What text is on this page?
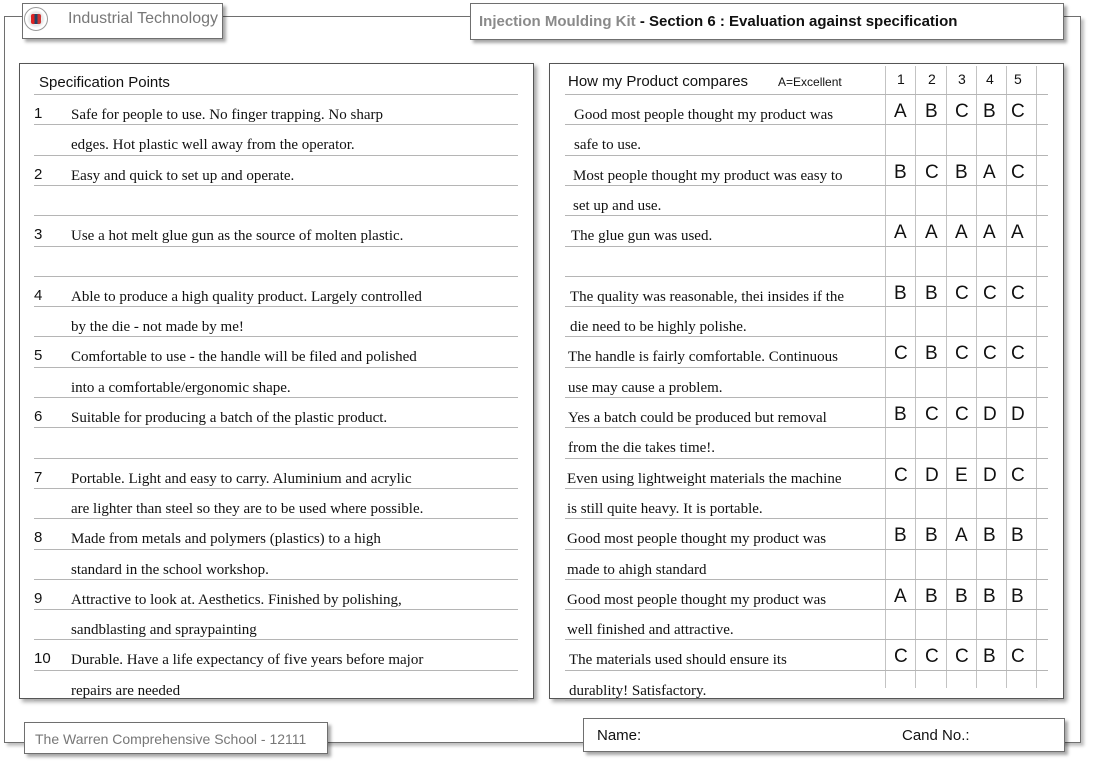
Industrial Technology	Injection Moulding Kit - Section 6 : Evaluation against specification
Specification Points
1 Safe for people to use. No finger trapping. No sharp
edges. Hot plastic well away from the operator.
2 Easy and quick to set up and operate.
3 Use a hot melt glue gun as the source of molten plastic.
4 Able to produce a high quality product. Largely controlled
by the die - not made by me!
5 Comfortable to use - the handle will be filed and polished
into a comfortable/ergonomic shape.
6 Suitable for producing a batch of the plastic product.
7 Portable. Light and easy to carry. Aluminium and acrylic
are lighter than steel so they are to be used where possible.
8 Made from metals and polymers (plastics) to a high
standard in the school workshop.
9 Attractive to look at. Aesthetics. Finished by polishing,
sandblasting and spraypainting
10 Durable. Have a life expectancy of five years before major
repairs are needed
How my Product compares A=Excellent	1 2 3 4 5
Good most people thought my product was
safe to use.
A B C B C
Most people thought my product was easy to
set up and use.
B C B A C
The glue gun was used.	A A A A A
The quality was reasonable, thei insides if the
die need to be highly polishe.
B B C C C
The handle is fairly comfortable. Continuous
use may cause a problem.
C B C C C
Yes a batch could be produced but removal
from the die takes time!.
B C C D D
Even using lightweight materials the machine
is still quite heavy. It is portable.
C D E D C
Good most people thought my product was
made to ahigh standard
B B A B B
Good most people thought my product was
well finished and attractive.
A B B B B
The materials used should ensure its
durablity! Satisfactory.
C C C B C
The Warren Comprehensive School - 12111	Name:	Cand No.:
